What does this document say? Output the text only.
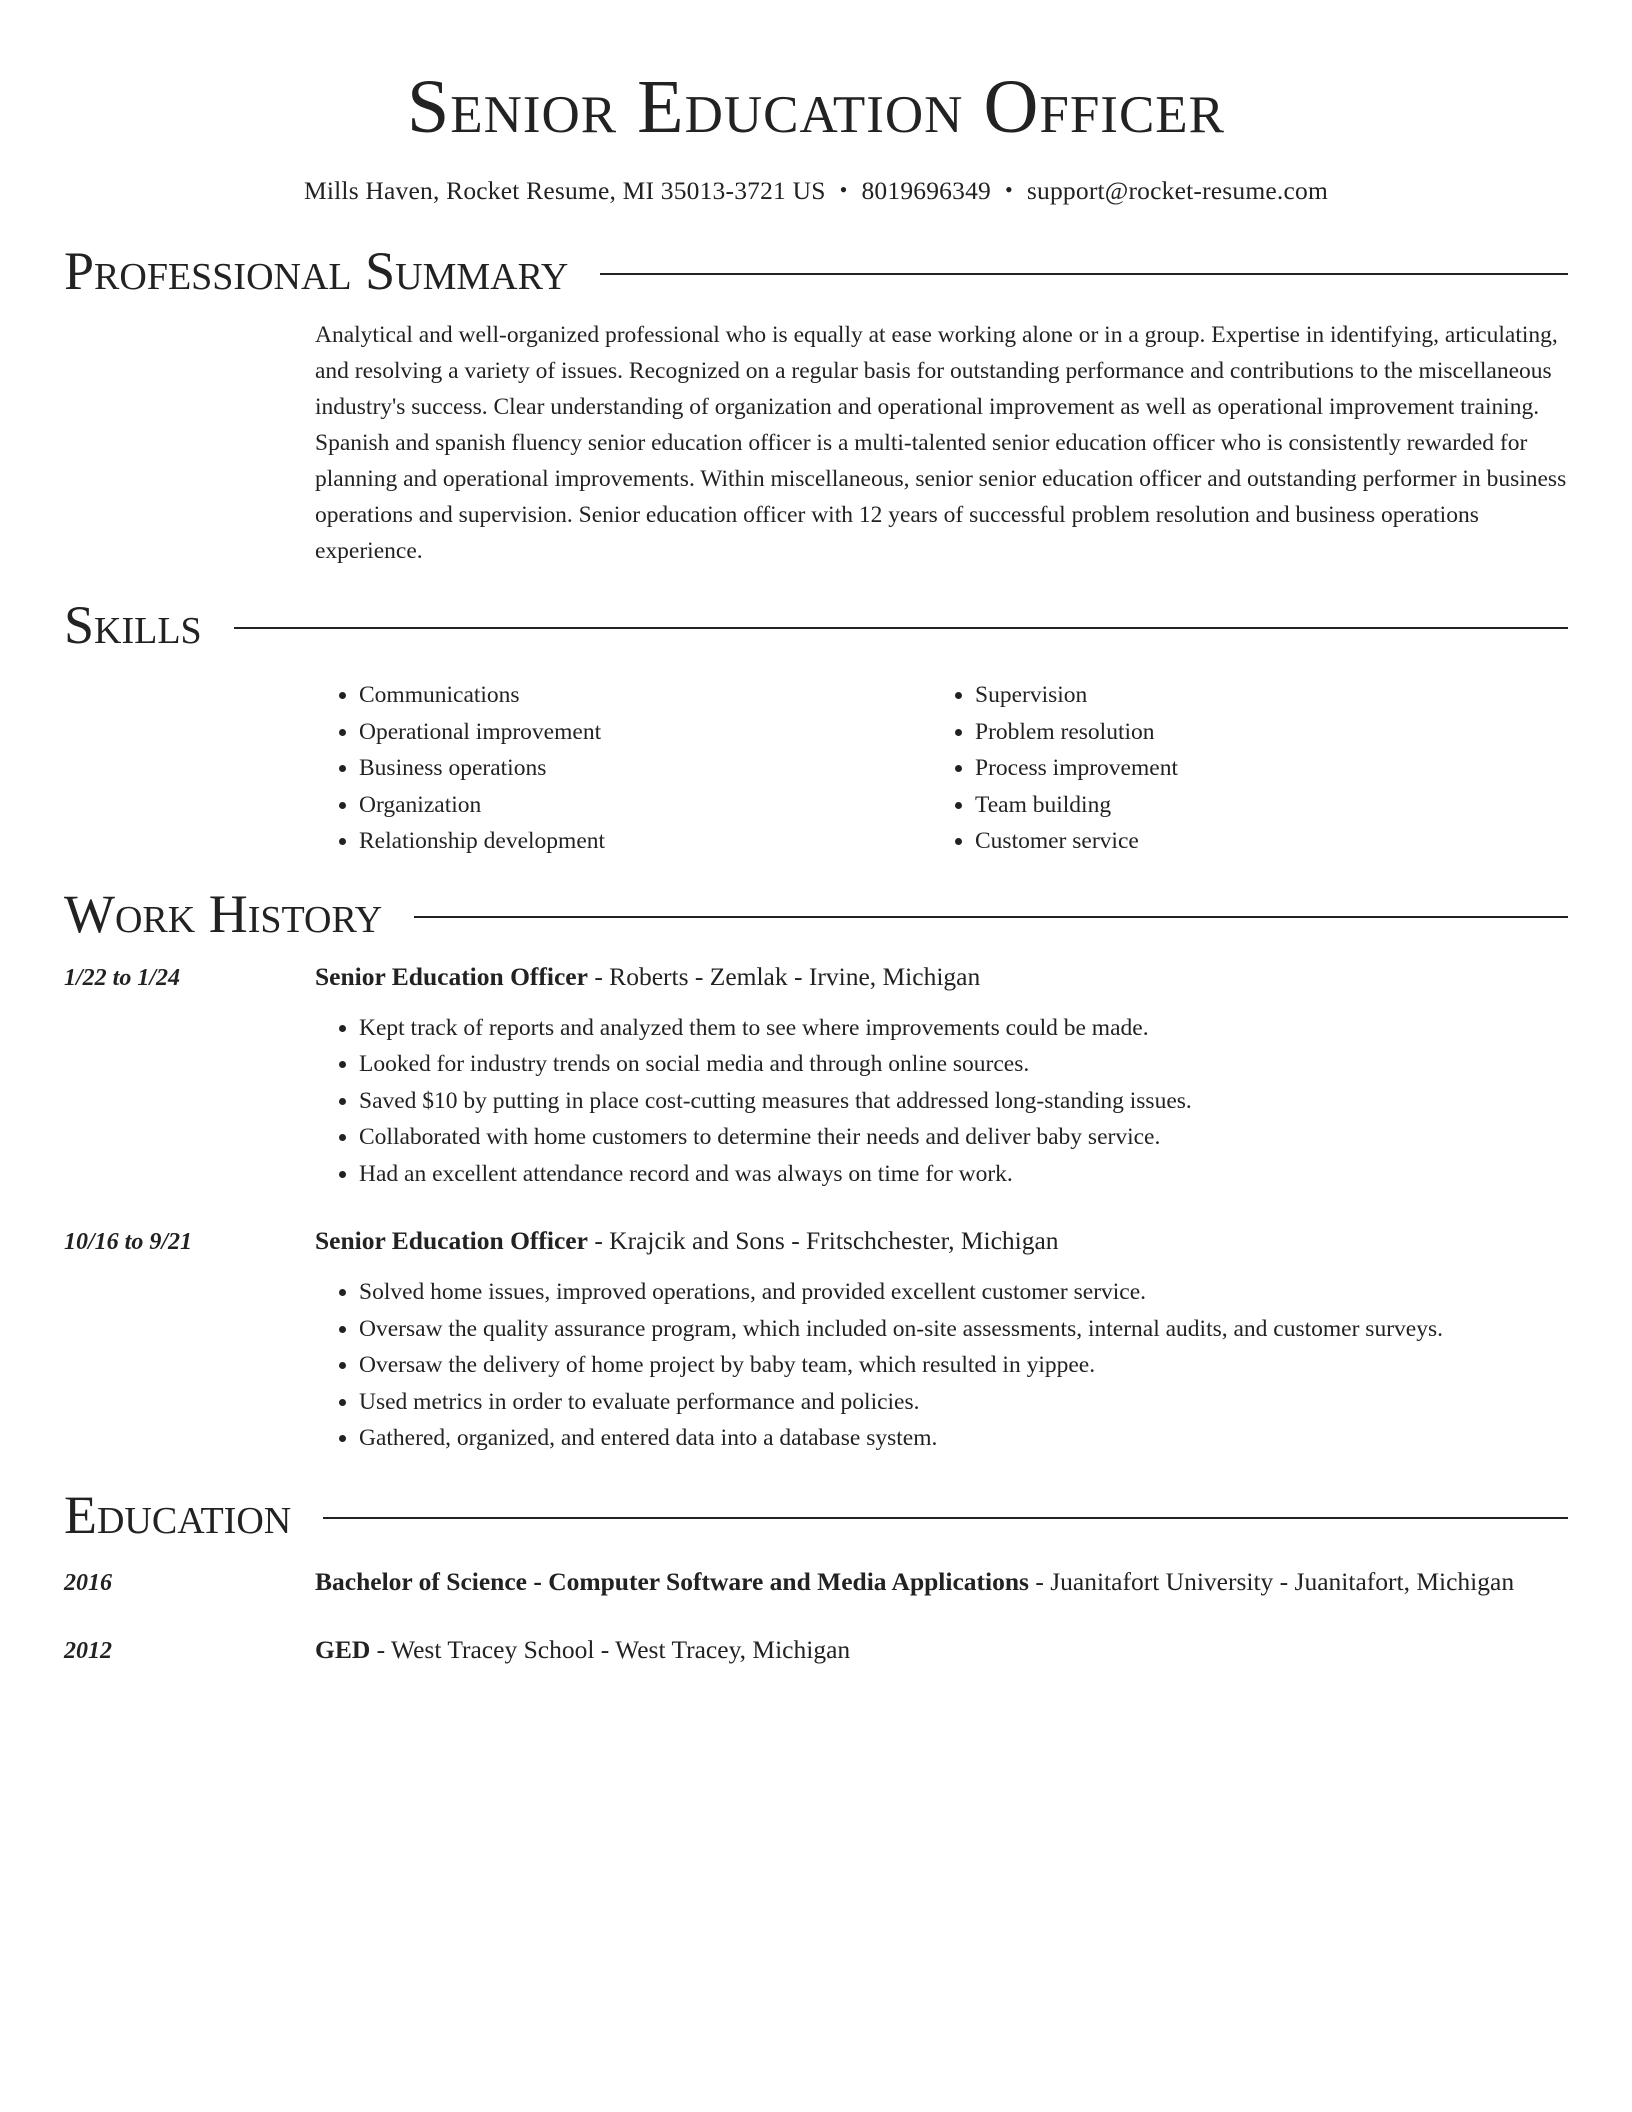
Senior Education Officer
Mills Haven, Rocket Resume, MI 35013-3721 US • 8019696349 • support@rocket-resume.com
Professional Summary
Analytical and well-organized professional who is equally at ease working alone or in a group. Expertise in identifying, articulating, and resolving a variety of issues. Recognized on a regular basis for outstanding performance and contributions to the miscellaneous industry's success. Clear understanding of organization and operational improvement as well as operational improvement training. Spanish and spanish fluency senior education officer is a multi-talented senior education officer who is consistently rewarded for planning and operational improvements. Within miscellaneous, senior senior education officer and outstanding performer in business operations and supervision. Senior education officer with 12 years of successful problem resolution and business operations experience.
Skills
• Communications
• Operational improvement
• Business operations
• Organization
• Relationship development
• Supervision
• Problem resolution
• Process improvement
• Team building
• Customer service
Work History
1/22 to 1/24	Senior Education Officer - Roberts - Zemlak - Irvine, Michigan
• Kept track of reports and analyzed them to see where improvements could be made.
• Looked for industry trends on social media and through online sources.
• Saved $10 by putting in place cost-cutting measures that addressed long-standing issues.
• Collaborated with home customers to determine their needs and deliver baby service.
• Had an excellent attendance record and was always on time for work.
10/16 to 9/21	Senior Education Officer - Krajcik and Sons - Fritschchester, Michigan
• Solved home issues, improved operations, and provided excellent customer service.
• Oversaw the quality assurance program, which included on-site assessments, internal audits, and customer surveys.
• Oversaw the delivery of home project by baby team, which resulted in yippee.
• Used metrics in order to evaluate performance and policies.
• Gathered, organized, and entered data into a database system.
Education
2016	Bachelor of Science - Computer Software and Media Applications - Juanitafort University - Juanitafort, Michigan
2012	GED - West Tracey School - West Tracey, Michigan
